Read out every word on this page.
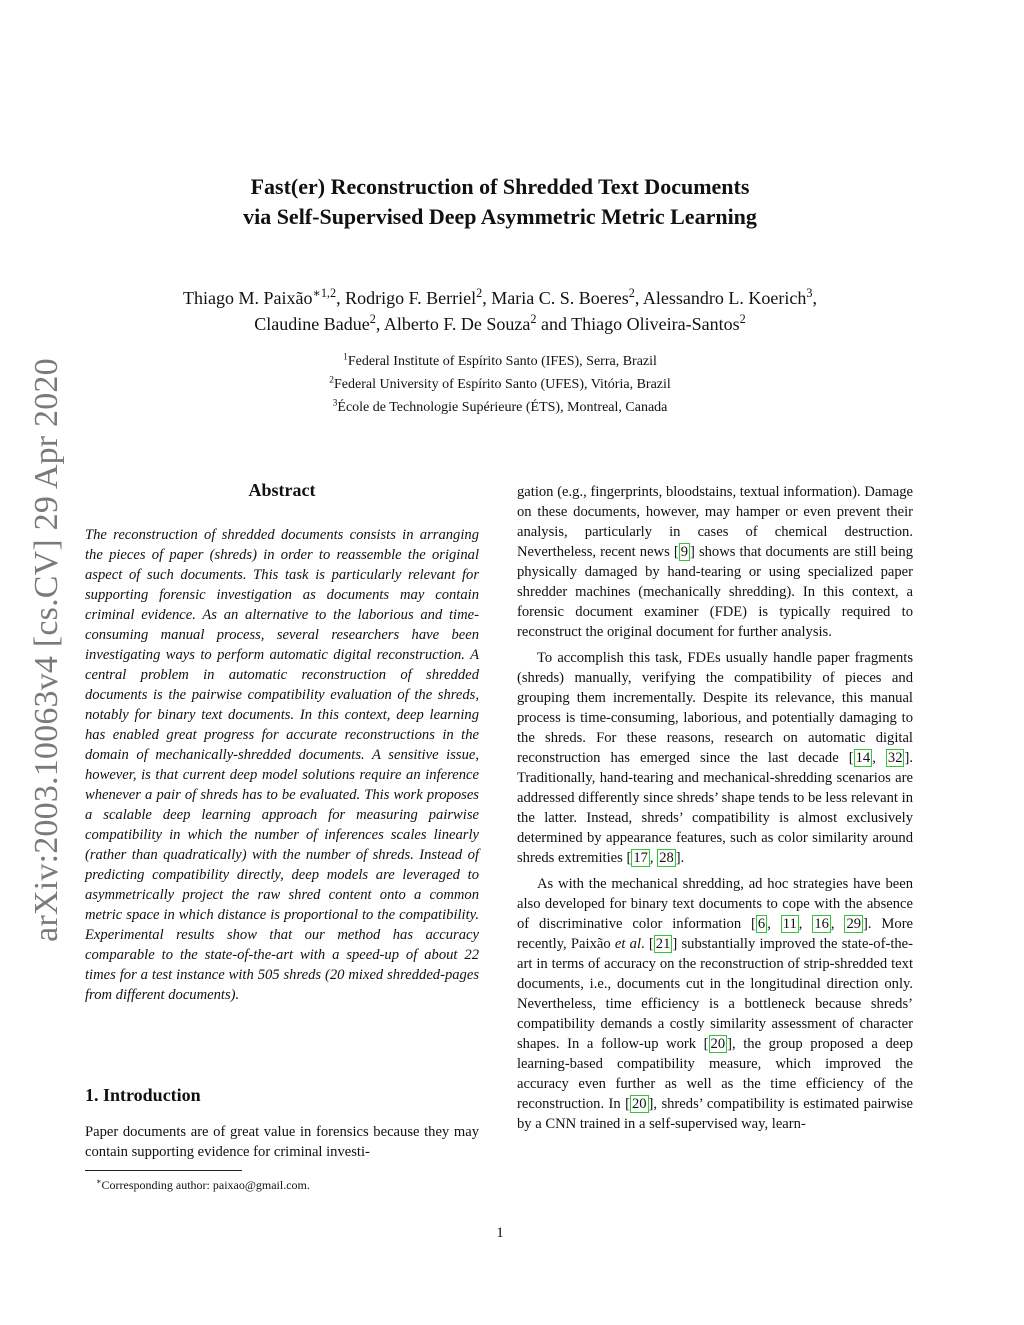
arXiv:2003.10063v4 [cs.CV] 29 Apr 2020
Fast(er) Reconstruction of Shredded Text Documents
via Self-Supervised Deep Asymmetric Metric Learning
Thiago M. Paixão$^{∗1,2}$, Rodrigo F. Berriel$^2$, Maria C. S. Boeres$^2$, Alessandro L. Koerich$^3$,
Claudine Badue$^2$, Alberto F. De Souza$^2$ and Thiago Oliveira-Santos$^2$
$^1$Federal Institute of Espírito Santo (IFES), Serra, Brazil
$^2$Federal University of Espírito Santo (UFES), Vitória, Brazil
$^3$École de Technologie Supérieure (ÉTS), Montreal, Canada
Abstract
The reconstruction of shredded documents consists in arranging the pieces of paper (shreds) in order to reassemble the original aspect of such documents. This task is particularly relevant for supporting forensic investigation as documents may contain criminal evidence. As an alternative to the laborious and time-consuming manual process, several researchers have been investigating ways to perform automatic digital reconstruction. A central problem in automatic reconstruction of shredded documents is the pairwise compatibility evaluation of the shreds, notably for binary text documents. In this context, deep learning has enabled great progress for accurate reconstructions in the domain of mechanically-shredded documents. A sensitive issue, however, is that current deep model solutions require an inference whenever a pair of shreds has to be evaluated. This work proposes a scalable deep learning approach for measuring pairwise compatibility in which the number of inferences scales linearly (rather than quadratically) with the number of shreds. Instead of predicting compatibility directly, deep models are leveraged to asymmetrically project the raw shred content onto a common metric space in which distance is proportional to the compatibility. Experimental results show that our method has accuracy comparable to the state-of-the-art with a speed-up of about 22 times for a test instance with 505 shreds (20 mixed shredded-pages from different documents).
1. Introduction
Paper documents are of great value in forensics because they may contain supporting evidence for criminal investi-
∗Corresponding author: paixao@gmail.com.

gation (e.g., fingerprints, bloodstains, textual information). Damage on these documents, however, may hamper or even prevent their analysis, particularly in cases of chemical destruction. Nevertheless, recent news [ 9 ] shows that documents are still being physically damaged by hand-tearing or using specialized paper shredder machines (mechanically shredding). In this context, a forensic document examiner (FDE) is typically required to reconstruct the original document for further analysis.

To accomplish this task, FDEs usually handle paper fragments (shreds) manually, verifying the compatibility of pieces and grouping them incrementally. Despite its relevance, this manual process is time-consuming, laborious, and potentially damaging to the shreds. For these reasons, research on automatic digital reconstruction has emerged since the last decade [ 14 , 32 ]. Traditionally, hand-tearing and mechanical-shredding scenarios are addressed differently since shreds’ shape tends to be less relevant in the latter. Instead, shreds’ compatibility is almost exclusively determined by appearance features, such as color similarity around shreds extremities [ 17 , 28 ].

As with the mechanical shredding, ad hoc strategies have been also developed for binary text documents to cope with the absence of discriminative color information [ 6 , 11 , 16 , 29 ]. More recently, Paixão et al. [ 21 ] substantially improved the state-of-the-art in terms of accuracy on the reconstruction of strip-shredded text documents, i.e., documents cut in the longitudinal direction only. Nevertheless, time efficiency is a bottleneck because shreds’ compatibility demands a costly similarity assessment of character shapes. In a follow-up work [ 20 ], the group proposed a deep learning-based compatibility measure, which improved the accuracy even further as well as the time efficiency of the reconstruction. In [ 20 ], shreds’ compatibility is estimated pairwise by a CNN trained in a self-supervised way, learn-

1
